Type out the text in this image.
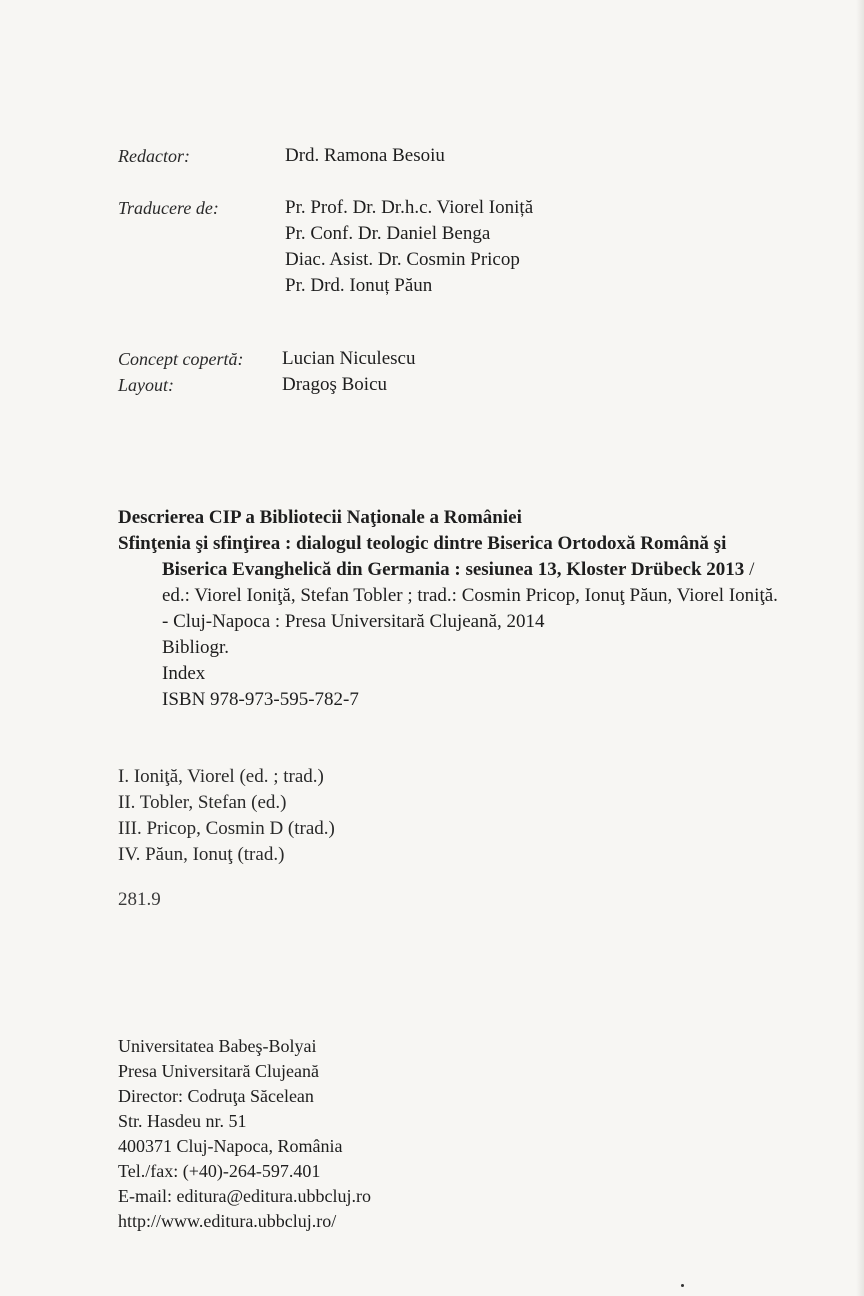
Redactor:	Drd. Ramona Besoiu
Traducere de:	Pr. Prof. Dr. Dr.h.c. Viorel Ioniță
Pr. Conf. Dr. Daniel Benga
Diac. Asist. Dr. Cosmin Pricop
Pr. Drd. Ionuț Păun
Concept copertă: Lucian Niculescu
Layout:	Dragoş Boicu
Descrierea CIP a Bibliotecii Naţionale a României
Sfinţenia şi sfinţirea : dialogul teologic dintre Biserica Ortodoxă Română şi Biserica Evanghelică din Germania : sesiunea 13, Kloster Drübeck 2013 / ed.: Viorel Ioniţă, Stefan Tobler ; trad.: Cosmin Pricop, Ionuţ Păun, Viorel Ioniţă. - Cluj-Napoca : Presa Universitară Clujeană, 2014
Bibliogr.
Index
ISBN 978-973-595-782-7
I. Ioniţă, Viorel (ed. ; trad.)
II. Tobler, Stefan (ed.)
III. Pricop, Cosmin D (trad.)
IV. Păun, Ionuţ (trad.)
281.9
Universitatea Babeş-Bolyai
Presa Universitară Clujeană
Director: Codruţa Săcelean
Str. Hasdeu nr. 51
400371 Cluj-Napoca, România
Tel./fax: (+40)-264-597.401
E-mail: editura@editura.ubbcluj.ro
http://www.editura.ubbcluj.ro/
